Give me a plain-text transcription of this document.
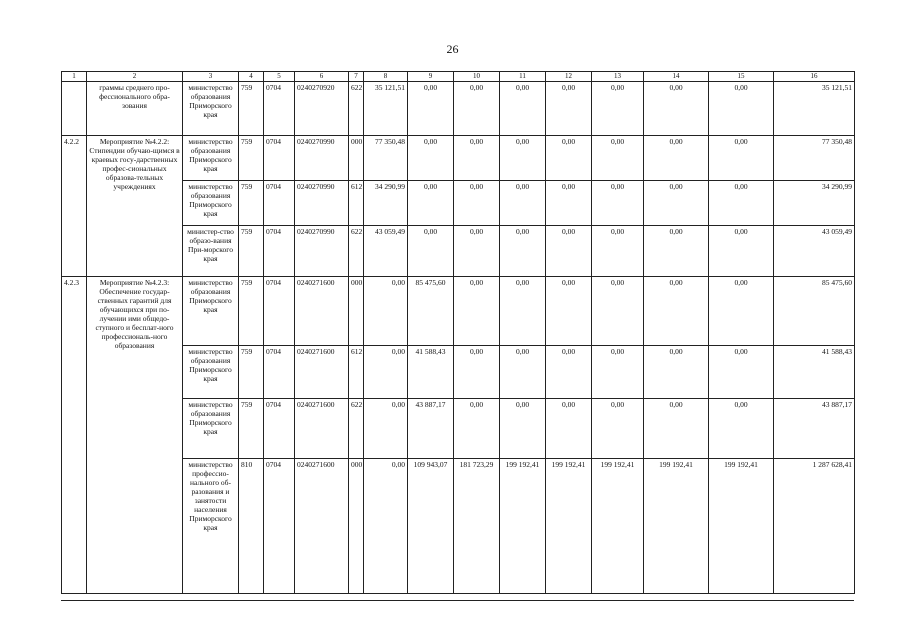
26
1	2	3	4	5	6	7	8	9	10	11	12	13	14	15	16
	граммы среднего про-фессионального обра-зования	министерство образования Приморского края	759	0704	0240270920	622	35 121,51	0,00	0,00	0,00	0,00	0,00	0,00	0,00	35 121,51
4.2.2	Мероприятие №4.2.2: Стипендии обучаю-щимся в краевых госу-дарственных профес-сиональных образова-тельных учреждениях	министерство образования Приморского края	759	0704	0240270990	000	77 350,48	0,00	0,00	0,00	0,00	0,00	0,00	0,00	77 350,48
		министерство образования Приморского края	759	0704	0240270990	612	34 290,99	0,00	0,00	0,00	0,00	0,00	0,00	0,00	34 290,99
		министер-ство образо-вания При-морского края	759	0704	0240270990	622	43 059,49	0,00	0,00	0,00	0,00	0,00	0,00	0,00	43 059,49
4.2.3	Мероприятие №4.2.3: Обеспечение государ-ственных гарантий для обучающихся при по-лучении ими общедо-ступного и бесплат-ного профессиональ-ного образования	министерство образования Приморского края	759	0704	0240271600	000	0,00	85 475,60	0,00	0,00	0,00	0,00	0,00	0,00	85 475,60
		министерство образования Приморского края	759	0704	0240271600	612	0,00	41 588,43	0,00	0,00	0,00	0,00	0,00	0,00	41 588,43
		министерство образования Приморского края	759	0704	0240271600	622	0,00	43 887,17	0,00	0,00	0,00	0,00	0,00	0,00	43 887,17
		министерство профессио-нального об-разования и занятости населения Приморского края	810	0704	0240271600	000	0,00	109 943,07	181 723,29	199 192,41	199 192,41	199 192,41	199 192,41	199 192,41	1 287 628,41
